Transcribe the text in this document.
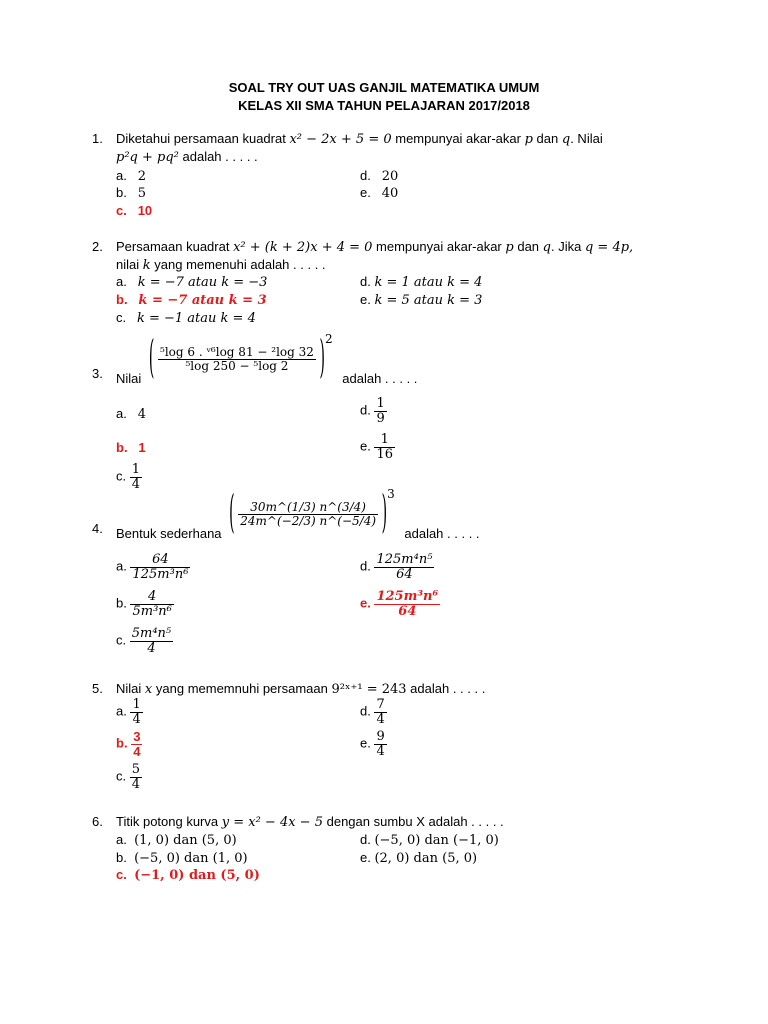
SOAL TRY OUT UAS GANJIL MATEMATIKA UMUM
KELAS XII SMA TAHUN PELAJARAN 2017/2018
1. Diketahui persamaan kuadrat x² − 2x + 5 = 0 mempunyai akar-akar p dan q. Nilai
p²q + pq² adalah . . . . .
a. 2
b. 5
c. 10
d. 20
e. 40
2. Persamaan kuadrat x² + (k + 2)x + 4 = 0 mempunyai akar-akar p dan q. Jika q = 4p,
nilai k yang memenuhi adalah . . . . .
a. k = −7 atau k = −3
b. k = −7 atau k = 3
c. k = −1 atau k = 4
d. k = 1 atau k = 4
e. k = 5 atau k = 3
3. Nilai ( $\frac{\text{⁵log 6 . ᵛ⁶log 81 − ²log 32}}{\text{⁵log 250 − ⁵log 2}} )^2$ adalah . . . . .
a. 4
b. 1
c. $\frac{1}{4}$
d. $\frac{1}{9}$
e. $\frac{1}{16}$
4. Bentuk sederhana ( $\frac{30m\^{}(1/3) n\^{}(3/4)}{24m\^{}(-2/3) n\^{}(-5/4)} )^3$ adalah . . . . .
a. $\frac{64}{\text{125m³n⁶}}$
b. $\frac{4}{\text{5m³n⁶}}$
c. $\frac{\text{5m⁴n⁵}}{4}$
d. $\frac{\text{125m⁴n⁵}}{64}$
e. $\frac{\text{125m³n⁶}}{64}$
5. Nilai x yang mememnuhi persamaan 9²ˣ⁺¹ = 243 adalah . . . . .
a. $\frac{1}{4}$
b. $\frac{3}{4}$
c. $\frac{5}{4}$
d. $\frac{7}{4}$
e. $\frac{9}{4}$
6. Titik potong kurva y = x² − 4x − 5 dengan sumbu X adalah . . . . .
a. (1, 0) dan (5, 0)
b. (−5, 0) dan (1, 0)
c. (−1, 0) dan (5, 0)
d. (−5, 0) dan (−1, 0)
e. (2, 0) dan (5, 0)
